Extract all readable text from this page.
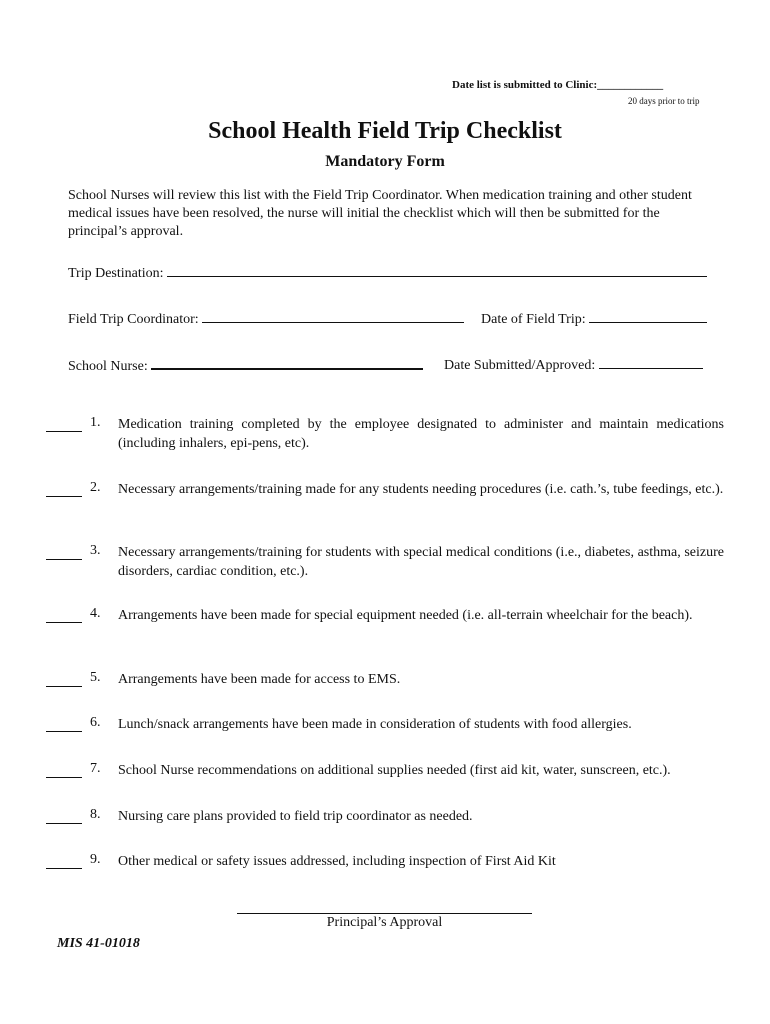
Date list is submitted to Clinic:____________
20 days prior to trip
School Health Field Trip Checklist
Mandatory Form
School Nurses will review this list with the Field Trip Coordinator. When medication training and other student medical issues have been resolved, the nurse will initial the checklist which will then be submitted for the principal’s approval.
Trip Destination:
Field Trip Coordinator:	Date of Field Trip:
School Nurse:	Date Submitted/Approved:
1. Medication training completed by the employee designated to administer and maintain medications (including inhalers, epi-pens, etc).
2. Necessary arrangements/training made for any students needing procedures (i.e. cath.’s, tube feedings, etc.).
3. Necessary arrangements/training for students with special medical conditions (i.e., diabetes, asthma, seizure disorders, cardiac condition, etc.).
4. Arrangements have been made for special equipment needed (i.e. all-terrain wheelchair for the beach).
5. Arrangements have been made for access to EMS.
6. Lunch/snack arrangements have been made in consideration of students with food allergies.
7. School Nurse recommendations on additional supplies needed (first aid kit, water, sunscreen, etc.).
8. Nursing care plans provided to field trip coordinator as needed.
9. Other medical or safety issues addressed, including inspection of First Aid Kit
Principal’s Approval
MIS 41-01018
